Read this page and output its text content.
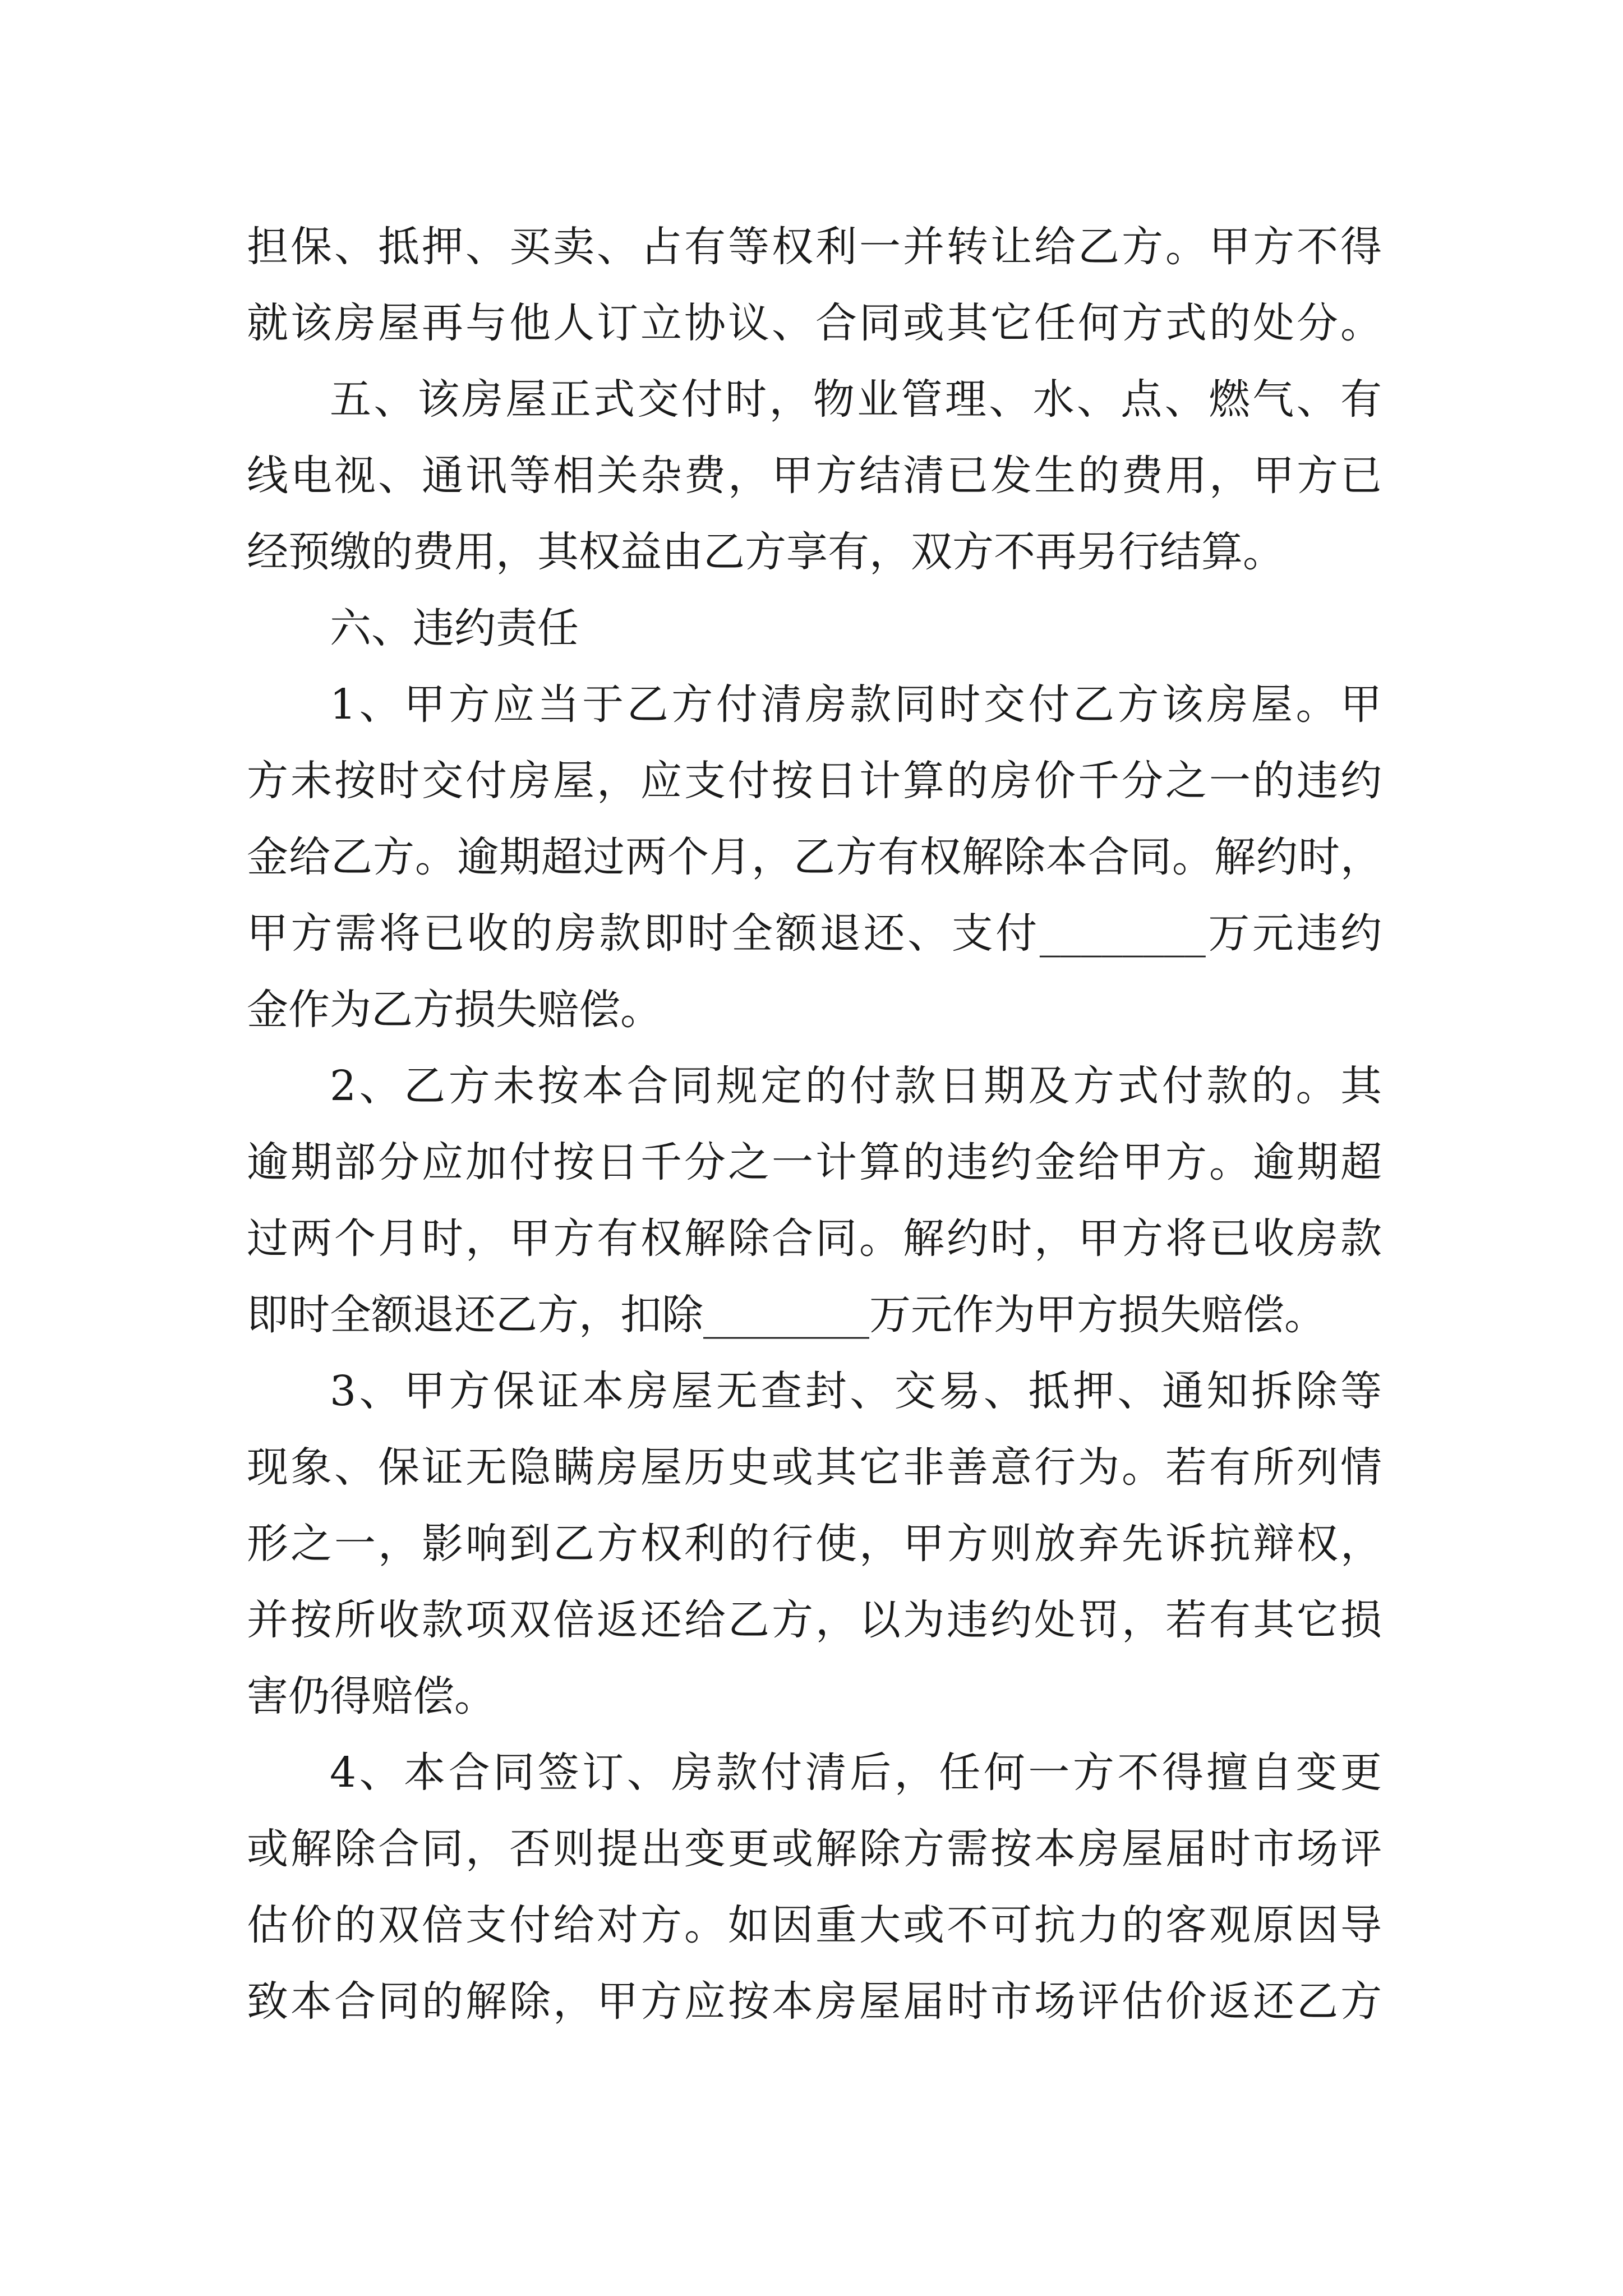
担保、抵押、买卖、占有等权利一并转让给乙方。甲方不得
就该房屋再与他人订立协议、合同或其它任何方式的处分。
五、该房屋正式交付时，物业管理、水、点、燃气、有
线电视、通讯等相关杂费，甲方结清已发生的费用，甲方已
经预缴的费用，其权益由乙方享有，双方不再另行结算。
六、违约责任
1、甲方应当于乙方付清房款同时交付乙方该房屋。甲
方未按时交付房屋，应支付按日计算的房价千分之一的违约
金给乙方。逾期超过两个月，乙方有权解除本合同。解约时，
甲方需将已收的房款即时全额退还、支付________万元违约
金作为乙方损失赔偿。
2、乙方未按本合同规定的付款日期及方式付款的。其
逾期部分应加付按日千分之一计算的违约金给甲方。逾期超
过两个月时，甲方有权解除合同。解约时，甲方将已收房款
即时全额退还乙方，扣除________万元作为甲方损失赔偿。
3、甲方保证本房屋无查封、交易、抵押、通知拆除等
现象、保证无隐瞒房屋历史或其它非善意行为。若有所列情
形之一，影响到乙方权利的行使，甲方则放弃先诉抗辩权，
并按所收款项双倍返还给乙方，以为违约处罚，若有其它损
害仍得赔偿。
4、本合同签订、房款付清后，任何一方不得擅自变更
或解除合同，否则提出变更或解除方需按本房屋届时市场评
估价的双倍支付给对方。如因重大或不可抗力的客观原因导
致本合同的解除，甲方应按本房屋届时市场评估价返还乙方
